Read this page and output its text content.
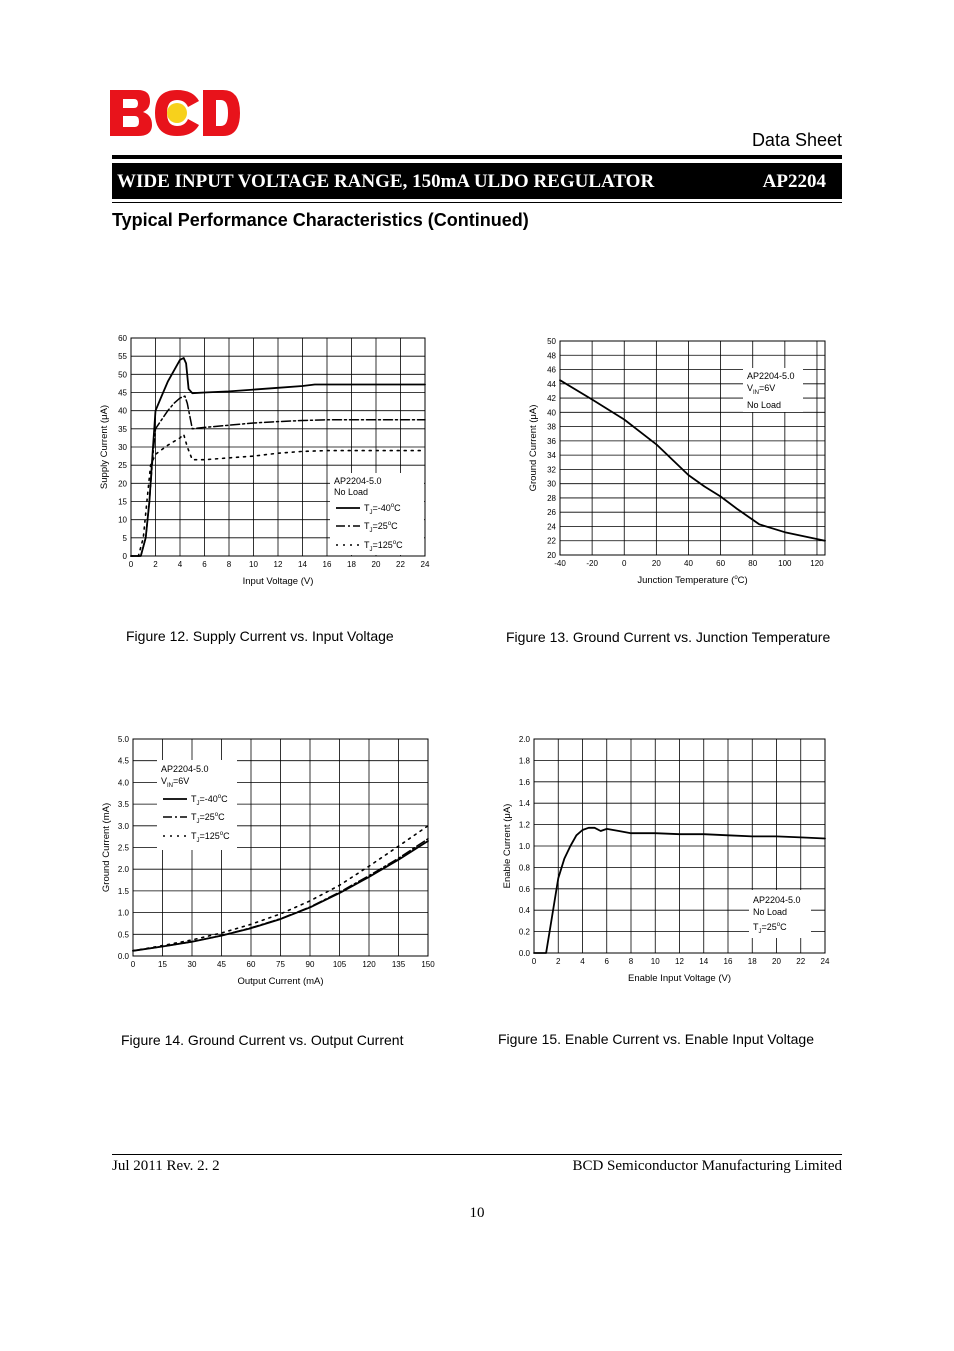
Data Sheet
WIDE INPUT VOLTAGE RANGE, 150mA ULDO REGULATOR	AP2204
Typical Performance Characteristics (Continued)
0	2	4	6	8 10 12 14 16 18 20 22 24
0
5
10
15
20
25
30
35
40
45
50
55
60
Input Voltage (V)
Supply Current (μA)
AP2204-5.0
No Load
$T_J=-40^oC$
$T_J=25^oC$
$T_J=125^oC$
-40	-20	0	20	40	60	80	100 120
20
22
24
26
28
30
32
34
36
38
40
42
44
46
48
50
Junction Temperature ($^o$C)
Ground Current (μA)
AP2204-5.0
$V_{IN}=6V$
No Load
0	15	30	45	60	75	90 105 120 135 150
0.0
0.5
1.0
1.5
2.0
2.5
3.0
3.5
4.0
4.5
5.0
Output Current (mA)
Ground Current (mA)
AP2204-5.0
$V_{IN}=6V$
$T_J=-40^oC$
$T_J=25^oC$
$T_J=125^oC$
0 2 4 6 8 10 12 14 16 18 20 22 24
0.0
0.2
0.4
0.6
0.8
1.0
1.2
1.4
1.6
1.8
2.0
Enable Input Voltage (V)
Enable Current (μA)
AP2204-5.0
No Load
$T_J=25^oC$
Figure 12. Supply Current vs. Input Voltage	Figure 13. Ground Current vs. Junction Temperature
Figure 14. Ground Current vs. Output Current	Figure 15. Enable Current vs. Enable Input Voltage
Jul 2011 Rev. 2. 2	BCD Semiconductor Manufacturing Limited
10
